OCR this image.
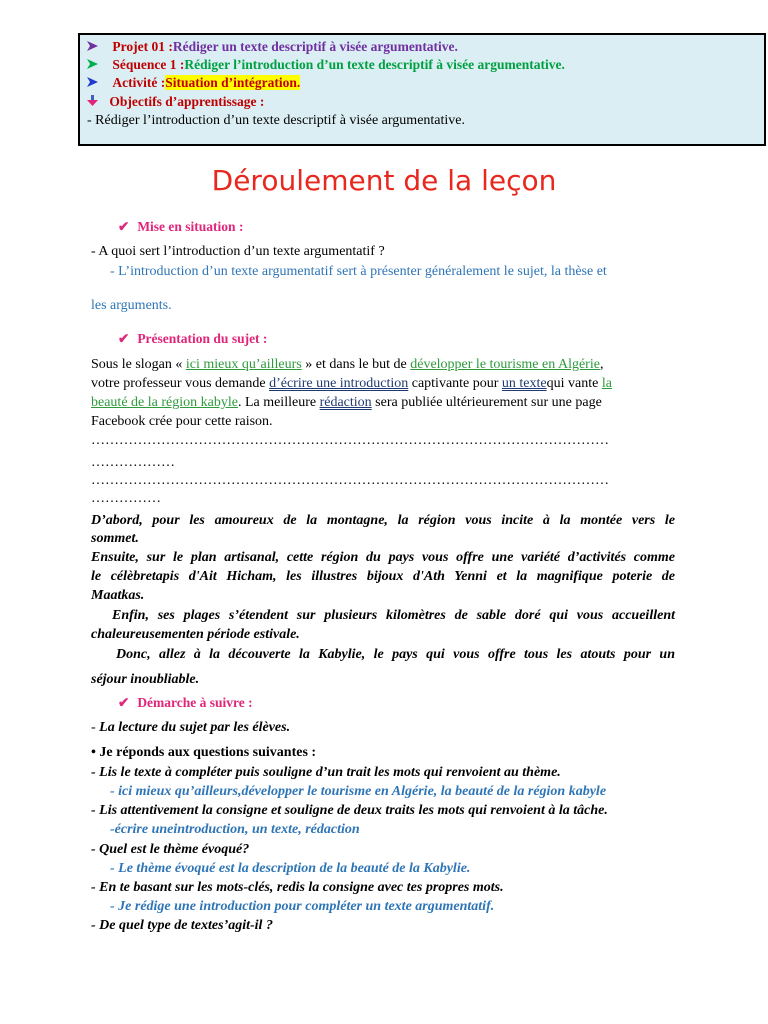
Projet 01 :Rédiger un texte descriptif à visée argumentative.
Séquence 1 :Rédiger l’introduction d’un texte descriptif à visée argumentative.
Activité :Situation d’intégration.
Objectifs d’apprentissage :
- Rédiger l’introduction d’un texte descriptif à visée argumentative.
Déroulement de la leçon
✔ Mise en situation :
- A quoi sert l’introduction d’un texte argumentatif ?
- L’introduction d’un texte argumentatif sert à présenter généralement le sujet, la thèse et
les arguments.
✔ Présentation du sujet :
Sous le slogan « ici mieux qu’ailleurs » et dans le but de développer le tourisme en Algérie,
votre professeur vous demande d’écrire une introduction captivante pour un textequi vante la
beauté de la région kabyle. La meilleure rédaction sera publiée ultérieurement sur une page
Facebook crée pour cette raison.
…………………………………………………………………………………………………
………………
…………………………………………………………………………………………………
……………
D’abord, pour les amoureux de la montagne, la région vous incite à la montée vers le
sommet.
Ensuite, sur le plan artisanal, cette région du pays vous offre une variété d’activités comme
le célèbretapis d'Ait Hicham, les illustres bijoux d'Ath Yenni et la magnifique poterie de
Maatkas.
Enfin, ses plages s’étendent sur plusieurs kilomètres de sable doré qui vous accueillent
chaleureusementen période estivale.
Donc, allez à la découverte la Kabylie, le pays qui vous offre tous les atouts pour un
séjour inoubliable.
✔ Démarche à suivre :
- La lecture du sujet par les élèves.
• Je réponds aux questions suivantes :
- Lis le texte à compléter puis souligne d’un trait les mots qui renvoient au thème.
- ici mieux qu’ailleurs,développer le tourisme en Algérie, la beauté de la région kabyle
- Lis attentivement la consigne et souligne de deux traits les mots qui renvoient à la tâche.
-écrire uneintroduction, un texte, rédaction
- Quel est le thème évoqué?
- Le thème évoqué est la description de la beauté de la Kabylie.
- En te basant sur les mots-clés, redis la consigne avec tes propres mots.
- Je rédige une introduction pour compléter un texte argumentatif.
- De quel type de textes’agit-il ?
